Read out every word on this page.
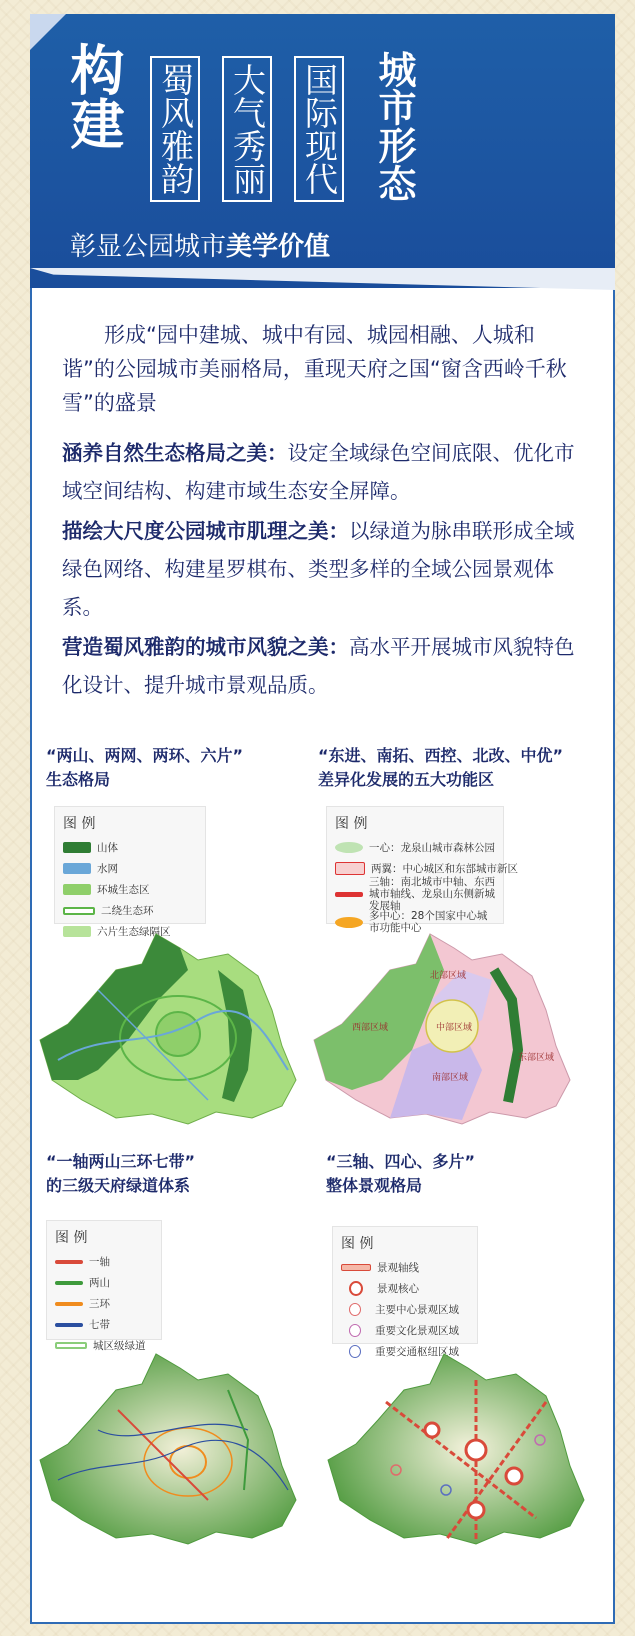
构建 蜀风雅韵 大气秀丽 国际现代 城市形态
彰显公园城市美学价值
形成“园中建城、城中有园、城园相融、人城和谐”的公园城市美丽格局，重现天府之国“窗含西岭千秋雪”的盛景

涵养自然生态格局之美：设定全域绿色空间底限、优化市域空间结构、构建市域生态安全屏障。

描绘大尺度公园城市肌理之美：以绿道为脉串联形成全域绿色网络、构建星罗棋布、类型多样的全域公园景观体系。

营造蜀风雅韵的城市风貌之美：高水平开展城市风貌特色化设计、提升城市景观品质。

“两山、两网、两环、六片”
生态格局
图 例
山体
水网
环城生态区
二绕生态环
六片生态绿隔区
“东进、南拓、西控、北改、中优”
差异化发展的五大功能区
图 例
一心：龙泉山城市森林公园
两翼：中心城区和东部城市新区
三轴：南北城市中轴、东西城市轴线、龙泉山东侧新城发展轴
多中心：28个国家中心城市功能中心
北部区域
西部区域	中部区域
南部区域
东部区域
“一轴两山三环七带”
的三级天府绿道体系
图 例
一轴
两山
三环
七带
城区级绿道
“三轴、四心、多片”
整体景观格局
图 例
景观轴线
景观核心
主要中心景观区域
重要文化景观区域
重要交通枢纽区域
